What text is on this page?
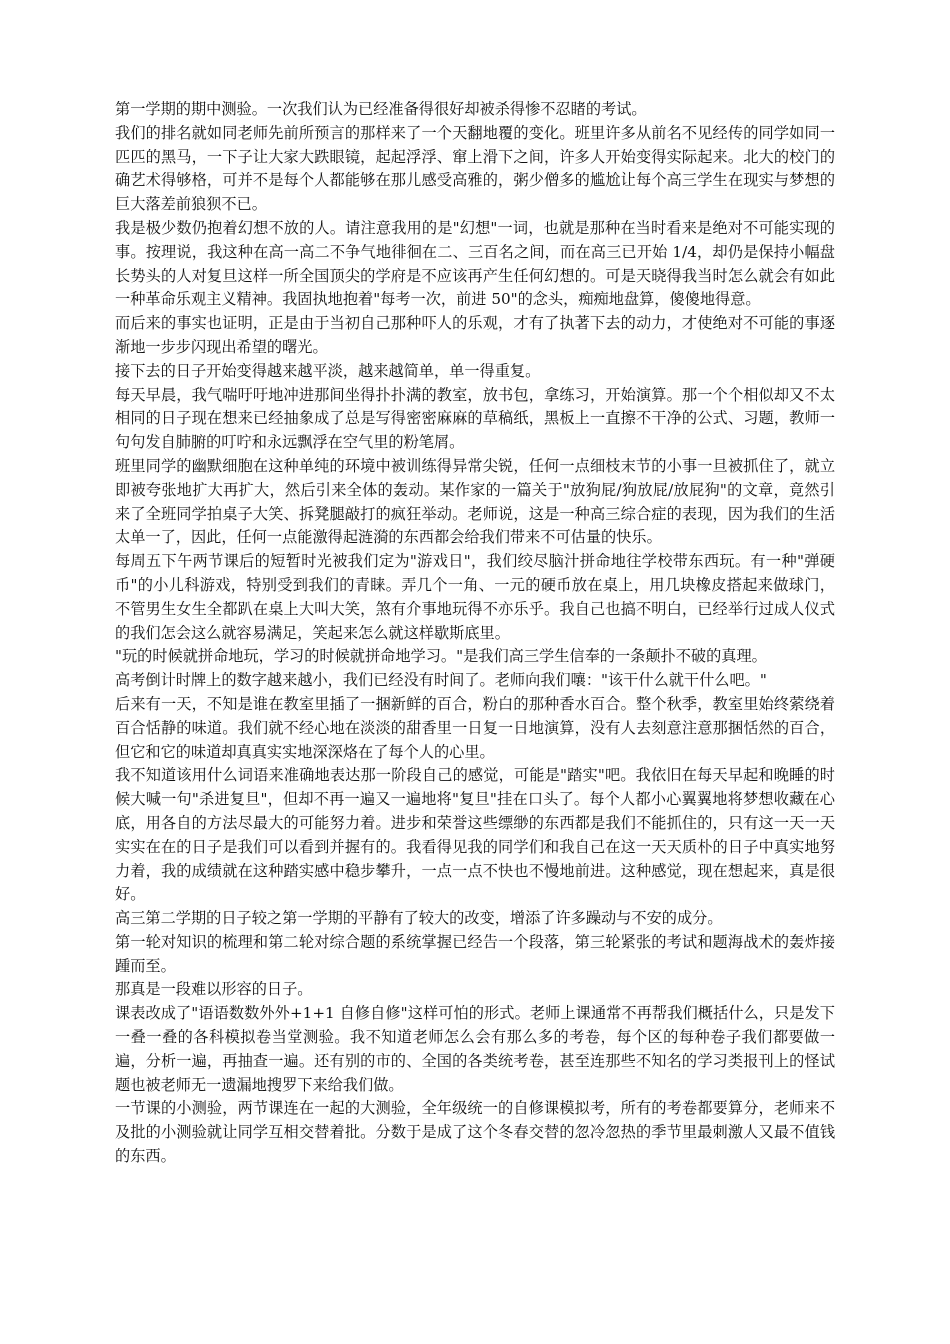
第一学期的期中测验。一次我们认为已经准备得很好却被杀得惨不忍睹的考试。

我们的排名就如同老师先前所预言的那样来了一个天翻地覆的变化。班里许多从前名不见经传的同学如同一匹匹的黑马，一下子让大家大跌眼镜，起起浮浮、窜上滑下之间，许多人开始变得实际起来。北大的校门的确艺术得够格，可并不是每个人都能够在那儿感受高雅的，粥少僧多的尴尬让每个高三学生在现实与梦想的巨大落差前狼狈不已。

我是极少数仍抱着幻想不放的人。请注意我用的是"幻想"一词，也就是那种在当时看来是绝对不可能实现的事。按理说，我这种在高一高二不争气地徘徊在二、三百名之间，而在高三已开始 1/4，却仍是保持小幅盘长势头的人对复旦这样一所全国顶尖的学府是不应该再产生任何幻想的。可是天晓得我当时怎么就会有如此一种革命乐观主义精神。我固执地抱着"每考一次，前进 50"的念头，痴痴地盘算，傻傻地得意。

而后来的事实也证明，正是由于当初自己那种吓人的乐观，才有了执著下去的动力，才使绝对不可能的事逐渐地一步步闪现出希望的曙光。

接下去的日子开始变得越来越平淡，越来越简单，单一得重复。

每天早晨，我气喘吁吁地冲进那间坐得扑扑满的教室，放书包，拿练习，开始演算。那一个个相似却又不太相同的日子现在想来已经抽象成了总是写得密密麻麻的草稿纸，黑板上一直擦不干净的公式、习题，教师一句句发自肺腑的叮咛和永远飘浮在空气里的粉笔屑。

班里同学的幽默细胞在这种单纯的环境中被训练得异常尖锐，任何一点细枝末节的小事一旦被抓住了，就立即被夸张地扩大再扩大，然后引来全体的轰动。某作家的一篇关于"放狗屁/狗放屁/放屁狗"的文章，竟然引来了全班同学拍桌子大笑、拆凳腿敲打的疯狂举动。老师说，这是一种高三综合症的表现，因为我们的生活太单一了，因此，任何一点能激得起涟漪的东西都会给我们带来不可估量的快乐。

每周五下午两节课后的短暂时光被我们定为"游戏日"，我们绞尽脑汁拼命地往学校带东西玩。有一种"弹硬币"的小儿科游戏，特别受到我们的青睐。弄几个一角、一元的硬币放在桌上，用几块橡皮搭起来做球门，不管男生女生全都趴在桌上大叫大笑，煞有介事地玩得不亦乐乎。我自己也搞不明白，已经举行过成人仪式的我们怎会这么就容易满足，笑起来怎么就这样歇斯底里。

"玩的时候就拼命地玩，学习的时候就拼命地学习。"是我们高三学生信奉的一条颠扑不破的真理。

高考倒计时牌上的数字越来越小，我们已经没有时间了。老师向我们嚷："该干什么就干什么吧。"

后来有一天，不知是谁在教室里插了一捆新鲜的百合，粉白的那种香水百合。整个秋季，教室里始终萦绕着百合恬静的味道。我们就不经心地在淡淡的甜香里一日复一日地演算，没有人去刻意注意那捆恬然的百合，但它和它的味道却真真实实地深深烙在了每个人的心里。

我不知道该用什么词语来准确地表达那一阶段自己的感觉，可能是"踏实"吧。我依旧在每天早起和晚睡的时候大喊一句"杀进复旦"，但却不再一遍又一遍地将"复旦"挂在口头了。每个人都小心翼翼地将梦想收藏在心底，用各自的方法尽最大的可能努力着。进步和荣誉这些缥缈的东西都是我们不能抓住的，只有这一天一天实实在在的日子是我们可以看到并握有的。我看得见我的同学们和我自己在这一天天质朴的日子中真实地努力着，我的成绩就在这种踏实感中稳步攀升，一点一点不快也不慢地前进。这种感觉，现在想起来，真是很好。

高三第二学期的日子较之第一学期的平静有了较大的改变，增添了许多躁动与不安的成分。

第一轮对知识的梳理和第二轮对综合题的系统掌握已经告一个段落，第三轮紧张的考试和题海战术的轰炸接踵而至。

那真是一段难以形容的日子。

课表改成了"语语数数外外+1+1 自修自修"这样可怕的形式。老师上课通常不再帮我们概括什么，只是发下一叠一叠的各科模拟卷当堂测验。我不知道老师怎么会有那么多的考卷，每个区的每种卷子我们都要做一遍，分析一遍，再抽查一遍。还有别的市的、全国的各类统考卷，甚至连那些不知名的学习类报刊上的怪试题也被老师无一遗漏地搜罗下来给我们做。

一节课的小测验，两节课连在一起的大测验，全年级统一的自修课模拟考，所有的考卷都要算分，老师来不及批的小测验就让同学互相交替着批。分数于是成了这个冬春交替的忽冷忽热的季节里最刺激人又最不值钱的东西。
